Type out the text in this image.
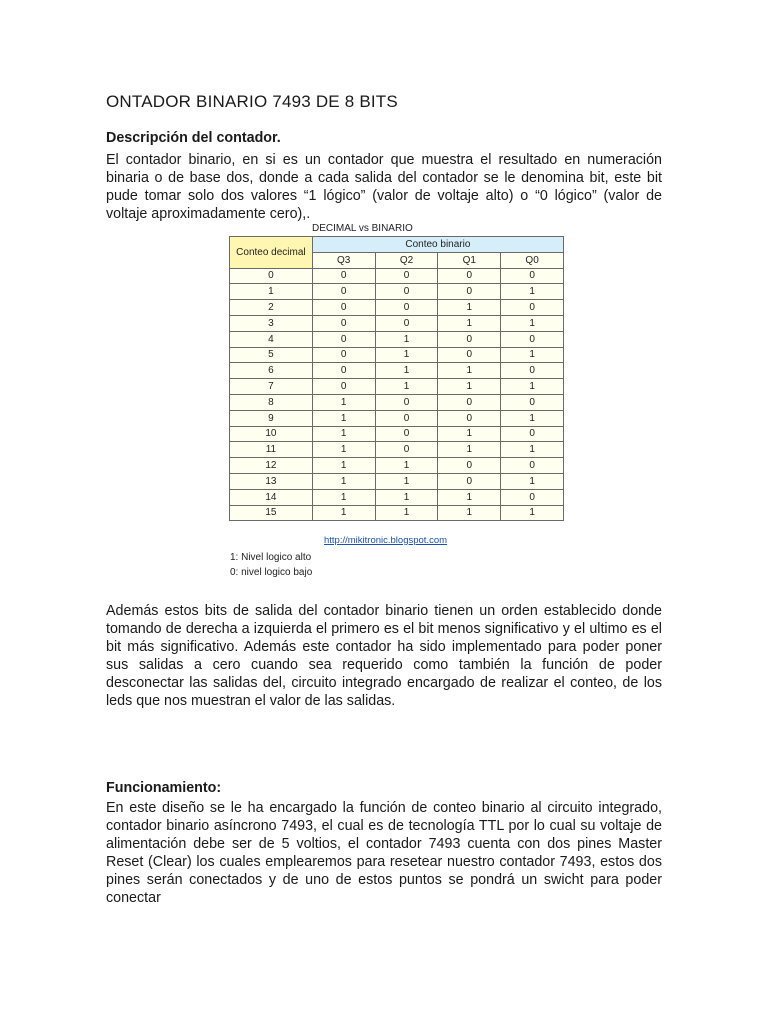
ONTADOR BINARIO 7493 DE 8 BITS
Descripción del contador.

El contador binario, en si es un contador que muestra el resultado en numeración binaria o de base dos, donde a cada salida del contador se le denomina bit, este bit pude tomar solo dos valores “1 lógico” (valor de voltaje alto) o “0 lógico” (valor de voltaje aproximadamente cero),.

DECIMAL vs BINARIO
Conteo decimal	Conteo binario			
	Q3	Q2	Q1	Q0
0	0	0	0	0
1	0	0	0	1
2	0	0	1	0
3	0	0	1	1
4	0	1	0	0
5	0	1	0	1
6	0	1	1	0
7	0	1	1	1
8	1	0	0	0
9	1	0	0	1
10	1	0	1	0
11	1	0	1	1
12	1	1	0	0
13	1	1	0	1
14	1	1	1	0
15	1	1	1	1
http://mikitronic.blogspot.com
1: Nivel logico alto
0: nivel logico bajo

Además estos bits de salida del contador binario tienen un orden establecido donde tomando de derecha a izquierda el primero es el bit menos significativo y el ultimo es el bit más significativo. Además este contador ha sido implementado para poder poner sus salidas a cero cuando sea requerido como también la función de poder desconectar las salidas del, circuito integrado encargado de realizar el conteo, de los leds que nos muestran el valor de las salidas.

Funcionamiento:

En este diseño se le ha encargado la función de conteo binario al circuito integrado, contador binario asíncrono 7493, el cual es de tecnología TTL por lo cual su voltaje de alimentación debe ser de 5 voltios, el contador 7493 cuenta con dos pines Master Reset (Clear) los cuales emplearemos para resetear nuestro contador 7493, estos dos pines serán conectados y de uno de estos puntos se pondrá un swicht para poder conectar
